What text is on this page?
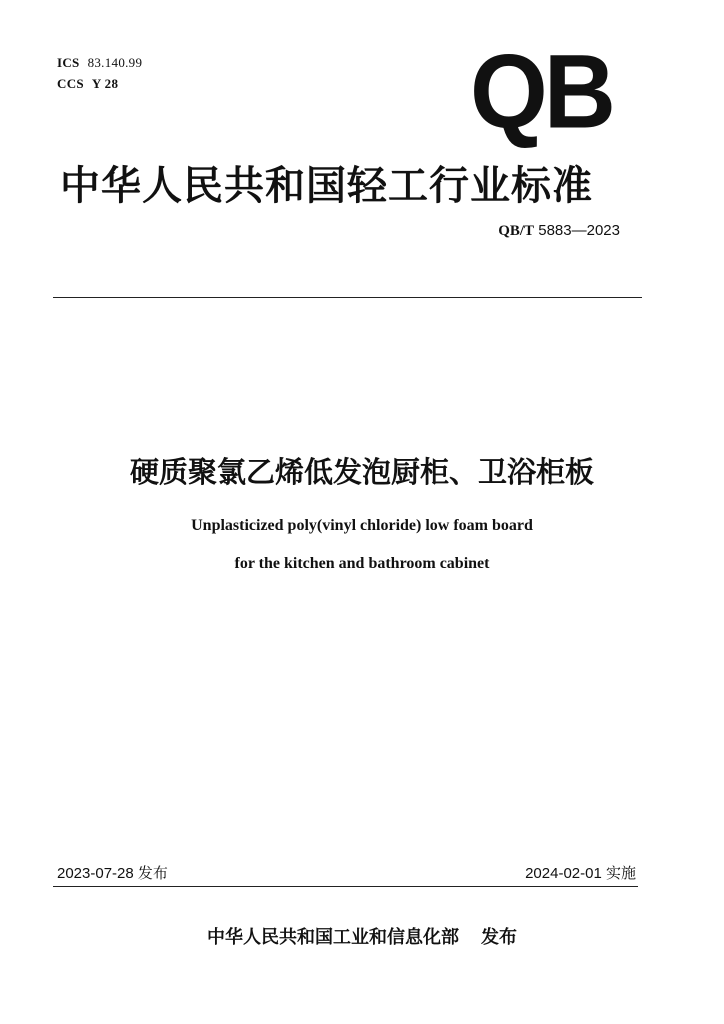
ICS 83.140.99
CCS Y 28	QB
中华人民共和国轻工行业标准
QB/T 5883—2023
硬质聚氯乙烯低发泡厨柜、卫浴柜板
Unplasticized poly(vinyl chloride) low foam board
for the kitchen and bathroom cabinet
2023-07-28 发布	2024-02-01 实施
中华人民共和国工业和信息化部 发布
